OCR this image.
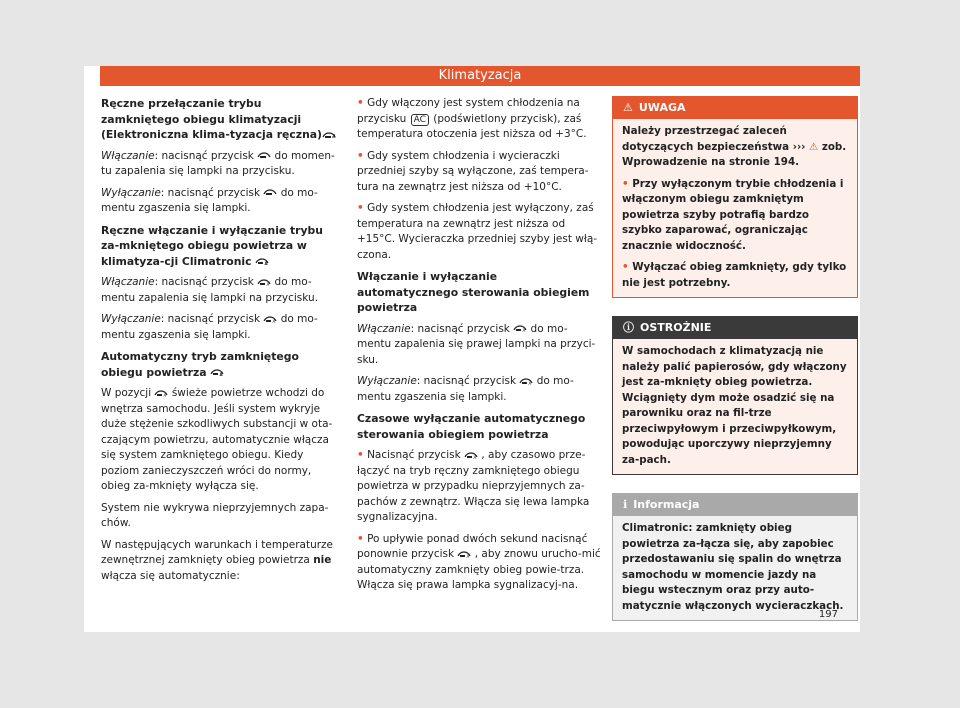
Klimatyzacja
Ręczne przełączanie trybu zamkniętego obiegu klimatyzacji (Elektroniczna klima-tyzacja ręczna)

Włączanie: nacisnąć przycisk
do momen-tu zapalenia się lampki na przycisku.

Wyłączanie: nacisnąć przycisk
do mo-mentu zgaszenia się lampki.

Ręczne włączanie i wyłączanie trybu za-mkniętego obiegu powietrza w klimatyza-cji Climatronic	A

Włączanie: nacisnąć przycisk A do mo-mentu zapalenia się lampki na przycisku.

Wyłączanie: nacisnąć przycisk A do mo-mentu zgaszenia się lampki.

Automatyczny tryb zamkniętego obiegu powietrza	A

W pozycji A świeże powietrze wchodzi do wnętrza samochodu. Jeśli system wykryje duże stężenie szkodliwych substancji w ota-czającym powietrzu, automatycznie włącza się system zamkniętego obiegu. Kiedy poziom zanieczyszczeń wróci do normy, obieg za-mknięty wyłącza się.

System nie wykrywa nieprzyjemnych zapa-chów.

W następujących warunkach i temperaturze zewnętrznej zamknięty obieg powietrza nie włącza się automatycznie:

• Gdy włączony jest system chłodzenia na przycisku AC (podświetlony przycisk), zaś temperatura otoczenia jest niższa od +3°C.

• Gdy system chłodzenia i wycieraczki przedniej szyby są wyłączone, zaś tempera-tura na zewnątrz jest niższa od +10°C.

• Gdy system chłodzenia jest wyłączony, zaś temperatura na zewnątrz jest niższa od +15°C. Wycieraczka przedniej szyby jest włą-czona.

Włączanie i wyłączanie automatycznego sterowania obiegiem powietrza

Włączanie: nacisnąć przycisk A do mo-mentu zapalenia się prawej lampki na przyci-sku.

Wyłączanie: nacisnąć przycisk A do mo-mentu zgaszenia się lampki.

Czasowe wyłączanie automatycznego sterowania obiegiem powietrza

• Nacisnąć przycisk A , aby czasowo prze-łączyć na tryb ręczny zamkniętego obiegu powietrza w przypadku nieprzyjemnych za-pachów z zewnątrz. Włącza się lewa lampka sygnalizacyjna.

• Po upływie ponad dwóch sekund nacisnąć ponownie przycisk A , aby znowu urucho-mić automatyczny zamknięty obieg powie-trza. Włącza się prawa lampka sygnalizacyj-na.

⚠ UWAGA

Należy przestrzegać zaleceń dotyczących bezpieczeństwa ››› ⚠ zob. Wprowadzenie na stronie 194.

• Przy wyłączonym trybie chłodzenia i włączonym obiegu zamkniętym powietrza szyby potrafią bardzo szybko zaparować, ograniczając znacznie widoczność.

• Wyłączać obieg zamknięty, gdy tylko nie jest potrzebny.

ⓘ OSTROŻNIE

W samochodach z klimatyzacją nie należy palić papierosów, gdy włączony jest za-mknięty obieg powietrza. Wciągnięty dym może osadzić się na parowniku oraz na fil-trze przeciwpyłowym i przeciwpyłkowym, powodując uporczywy nieprzyjemny za-pach.

ℹ Informacja

Climatronic: zamknięty obieg powietrza za-łącza się, aby zapobiec przedostawaniu się spalin do wnętrza samochodu w momencie jazdy na biegu wstecznym oraz przy auto-matycznie włączonych wycieraczkach.

197
